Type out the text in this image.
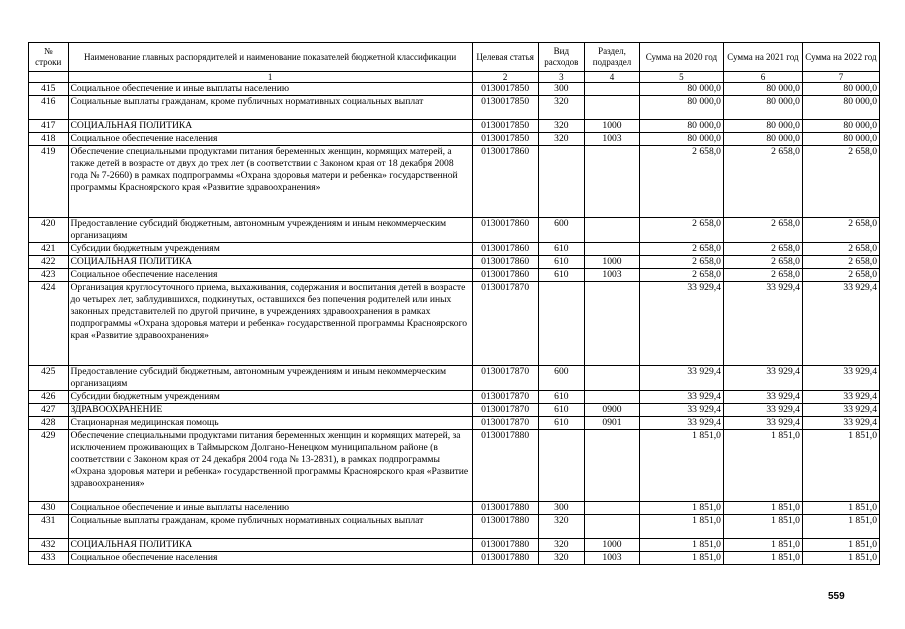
№ строки	Наименование главных распорядителей и наименование показателей бюджетной классификации	Целевая статья	Вид расходов	Раздел, подраздел	Сумма на 2020 год	Сумма на 2021 год	Сумма на 2022 год
	1	2	3	4	5	6	7
415	Социальное обеспечение и иные выплаты населению	0130017850	300		80 000,0	80 000,0	80 000,0
416	Социальные выплаты гражданам, кроме публичных нормативных социальных выплат	0130017850	320		80 000,0	80 000,0	80 000,0
417	СОЦИАЛЬНАЯ ПОЛИТИКА	0130017850	320	1000	80 000,0	80 000,0	80 000,0
418	Социальное обеспечение населения	0130017850	320	1003	80 000,0	80 000,0	80 000,0
419	Обеспечение специальными продуктами питания беременных женщин, кормящих матерей, а также детей в возрасте от двух до трех лет (в соответствии с Законом края от 18 декабря 2008 года № 7-2660) в рамках подпрограммы «Охрана здоровья матери и ребенка» государственной программы Красноярского края «Развитие здравоохранения»	0130017860			2 658,0	2 658,0	2 658,0
420	Предоставление субсидий бюджетным, автономным учреждениям и иным некоммерческим организациям	0130017860	600		2 658,0	2 658,0	2 658,0
421	Субсидии бюджетным учреждениям	0130017860	610		2 658,0	2 658,0	2 658,0
422	СОЦИАЛЬНАЯ ПОЛИТИКА	0130017860	610	1000	2 658,0	2 658,0	2 658,0
423	Социальное обеспечение населения	0130017860	610	1003	2 658,0	2 658,0	2 658,0
424	Организация круглосуточного приема, выхаживания, содержания и воспитания детей в возрасте до четырех лет, заблудившихся, подкинутых, оставшихся без попечения родителей или иных законных представителей по другой причине, в учреждениях здравоохранения в рамках подпрограммы «Охрана здоровья матери и ребенка» государственной программы Красноярского края «Развитие здравоохранения»	0130017870			33 929,4	33 929,4	33 929,4
425	Предоставление субсидий бюджетным, автономным учреждениям и иным некоммерческим организациям	0130017870	600		33 929,4	33 929,4	33 929,4
426	Субсидии бюджетным учреждениям	0130017870	610		33 929,4	33 929,4	33 929,4
427	ЗДРАВООХРАНЕНИЕ	0130017870	610	0900	33 929,4	33 929,4	33 929,4
428	Стационарная медицинская помощь	0130017870	610	0901	33 929,4	33 929,4	33 929,4
429	Обеспечение специальными продуктами питания беременных женщин и кормящих матерей, за исключением проживающих в Таймырском Долгано-Ненецком муниципальном районе (в соответствии с Законом края от 24 декабря 2004 года № 13-2831), в рамках подпрограммы «Охрана здоровья матери и ребенка» государственной программы Красноярского края «Развитие здравоохранения»	0130017880			1 851,0	1 851,0	1 851,0
430	Социальное обеспечение и иные выплаты населению	0130017880	300		1 851,0	1 851,0	1 851,0
431	Социальные выплаты гражданам, кроме публичных нормативных социальных выплат	0130017880	320		1 851,0	1 851,0	1 851,0
432	СОЦИАЛЬНАЯ ПОЛИТИКА	0130017880	320	1000	1 851,0	1 851,0	1 851,0
433	Социальное обеспечение населения	0130017880	320	1003	1 851,0	1 851,0	1 851,0
559
